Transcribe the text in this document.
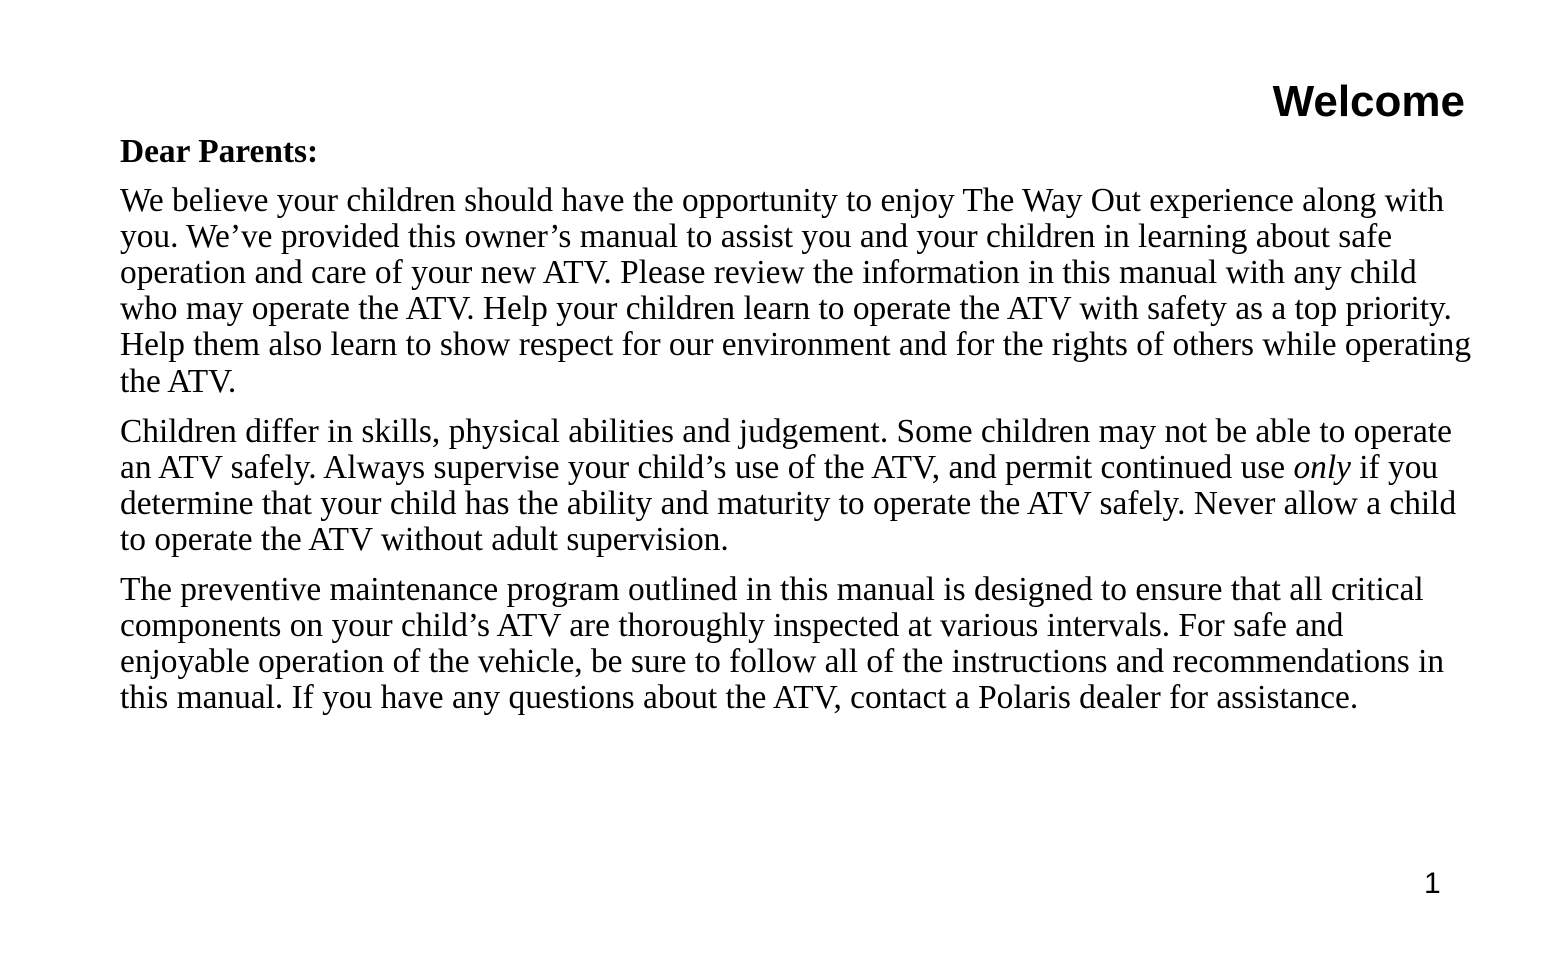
Welcome

Dear Parents:

We believe your children should have the opportunity to enjoy The Way Out experience along with you. We’ve provided this owner’s manual to assist you and your children in learning about safe operation and care of your new ATV. Please review the information in this manual with any child who may operate the ATV. Help your children learn to operate the ATV with safety as a top priority. Help them also learn to show respect for our environment and for the rights of others while operating the ATV.

Children differ in skills, physical abilities and judgement. Some children may not be able to operate an ATV safely. Always supervise your child’s use of the ATV, and permit continued use only if you determine that your child has the ability and maturity to operate the ATV safely. Never allow a child to operate the ATV without adult supervision.

The preventive maintenance program outlined in this manual is designed to ensure that all critical components on your child’s ATV are thoroughly inspected at various intervals. For safe and enjoyable operation of the vehicle, be sure to follow all of the instructions and recommendations in this manual. If you have any questions about the ATV, contact a Polaris dealer for assistance.

1
